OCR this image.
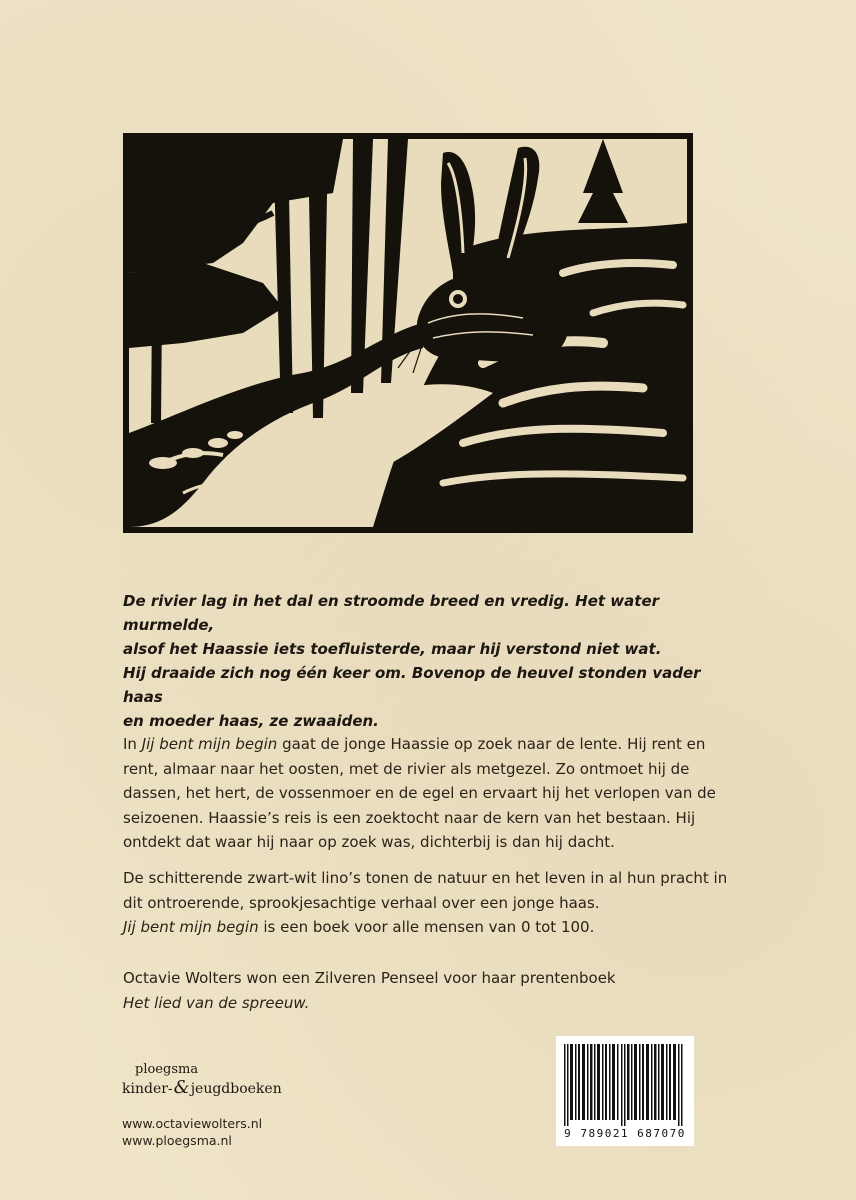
De rivier lag in het dal en stroomde breed en vredig. Het water murmelde,

alsof het Haassie iets toefluisterde, maar hij verstond niet wat.

Hij draaide zich nog één keer om. Bovenop de heuvel stonden vader haas

en moeder haas, ze zwaaiden.

In Jij bent mijn begin gaat de jonge Haassie op zoek naar de lente. Hij rent en rent, almaar naar het oosten, met de rivier als metgezel. Zo ontmoet hij de dassen, het hert, de vossenmoer en de egel en ervaart hij het verlopen van de seizoenen. Haassie’s reis is een zoektocht naar de kern van het bestaan. Hij ontdekt dat waar hij naar op zoek was, dichterbij is dan hij dacht.

De schitterende zwart-wit lino’s tonen de natuur en het leven in al hun pracht in dit ontroerende, sprookjesachtige verhaal over een jonge haas.
Jij bent mijn begin is een boek voor alle mensen van 0 tot 100.

Octavie Wolters won een Zilveren Penseel voor haar prentenboek
Het lied van de spreeuw.

ploegsma
kinder-&jeugdboeken
www.octaviewolters.nl
www.ploegsma.nl	9 789021 687070
